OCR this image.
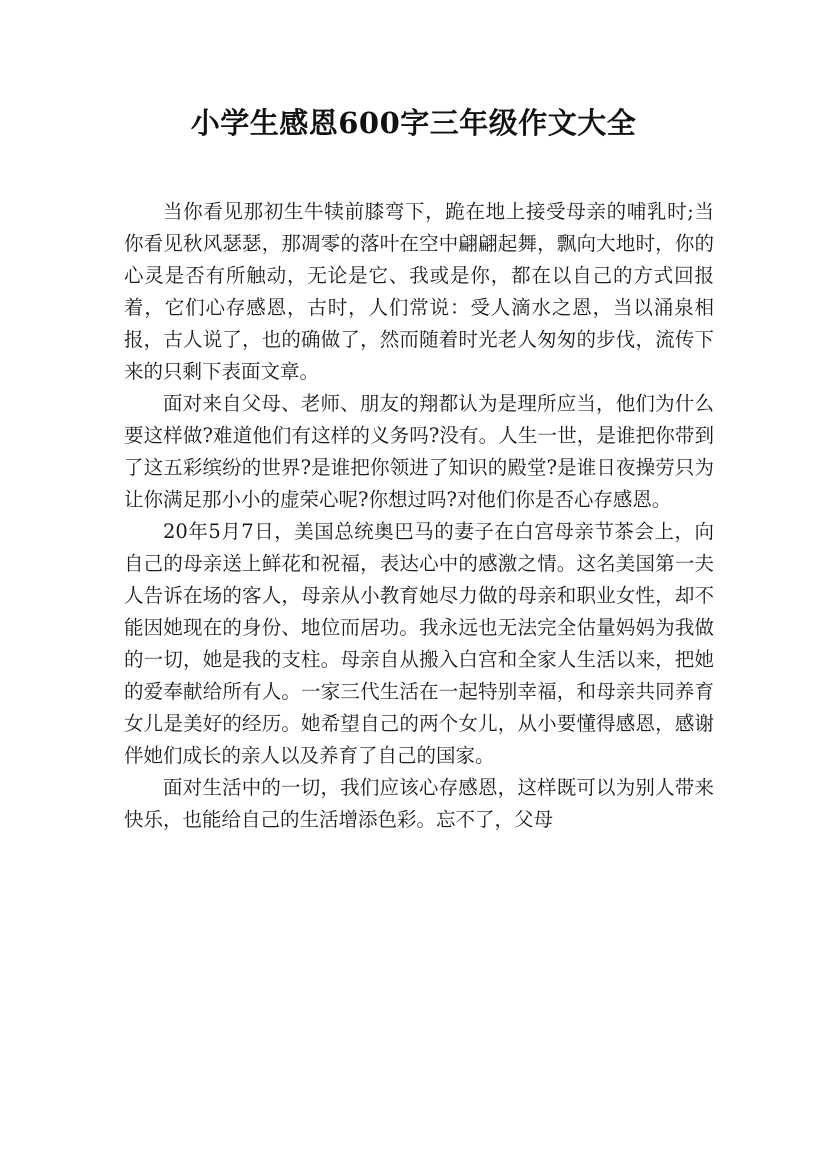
小学生感恩600字三年级作文大全

当你看见那初生牛犊前膝弯下，跪在地上接受母亲的哺乳时;当你看见秋风瑟瑟，那凋零的落叶在空中翩翩起舞，飘向大地时，你的心灵是否有所触动，无论是它、我或是你，都在以自己的方式回报着，它们心存感恩，古时，人们常说：受人滴水之恩，当以涌泉相报，古人说了，也的确做了，然而随着时光老人匆匆的步伐，流传下来的只剩下表面文章。

面对来自父母、老师、朋友的翔都认为是理所应当，他们为什么要这样做?难道他们有这样的义务吗?没有。人生一世，是谁把你带到了这五彩缤纷的世界?是谁把你领进了知识的殿堂?是谁日夜操劳只为让你满足那小小的虚荣心呢?你想过吗?对他们你是否心存感恩。

20年5月7日，美国总统奥巴马的妻子在白宫母亲节茶会上，向自己的母亲送上鲜花和祝福，表达心中的感激之情。这名美国第一夫人告诉在场的客人，母亲从小教育她尽力做的母亲和职业女性，却不能因她现在的身份、地位而居功。我永远也无法完全估量妈妈为我做的一切，她是我的支柱。母亲自从搬入白宫和全家人生活以来，把她的爱奉献给所有人。一家三代生活在一起特别幸福，和母亲共同养育女儿是美好的经历。她希望自己的两个女儿，从小要懂得感恩，感谢伴她们成长的亲人以及养育了自己的国家。

面对生活中的一切，我们应该心存感恩，这样既可以为别人带来快乐，也能给自己的生活增添色彩。忘不了，父母
